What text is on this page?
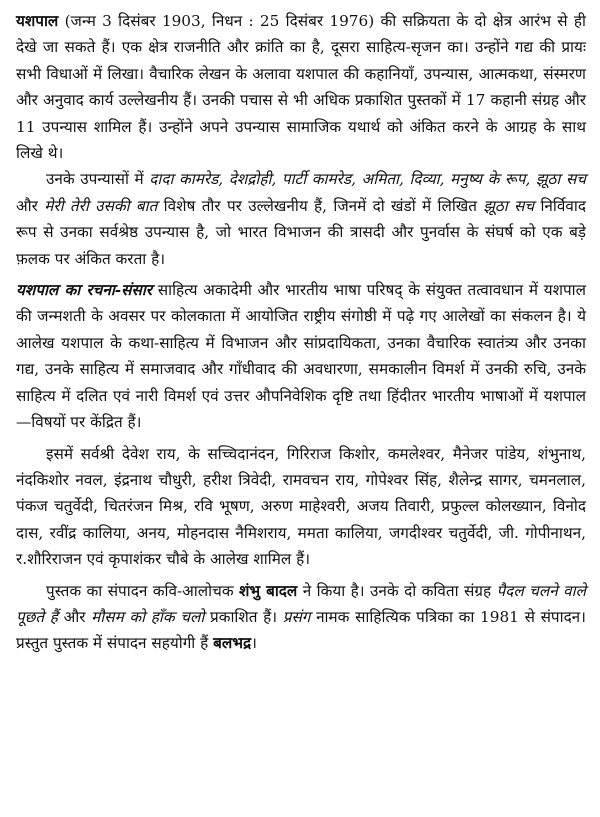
यशपाल (जन्म 3 दिसंबर 1903, निधन : 25 दिसंबर 1976) की सक्रियता के दो क्षेत्र आरंभ से ही देखे जा सकते हैं। एक क्षेत्र राजनीति और क्रांति का है, दूसरा साहित्य-सृजन का। उन्होंने गद्य की प्रायः सभी विधाओं में लिखा। वैचारिक लेखन के अलावा यशपाल की कहानियाँ, उपन्यास, आत्मकथा, संस्मरण और अनुवाद कार्य उल्लेखनीय हैं। उनकी पचास से भी अधिक प्रकाशित पुस्तकों में 17 कहानी संग्रह और 11 उपन्यास शामिल हैं। उन्होंने अपने उपन्यास सामाजिक यथार्थ को अंकित करने के आग्रह के साथ लिखे थे।

उनके उपन्यासों में दादा कामरेड, देशद्रोही, पार्टी कामरेड, अमिता, दिव्या, मनुष्य के रूप, झूठा सच और मेरी तेरी उसकी बात विशेष तौर पर उल्लेखनीय हैं, जिनमें दो खंडों में लिखित झूठा सच निर्विवाद रूप से उनका सर्वश्रेष्ठ उपन्यास है, जो भारत विभाजन की त्रासदी और पुनर्वास के संघर्ष को एक बड़े फ़लक पर अंकित करता है।

यशपाल का रचना-संसार साहित्य अकादेमी और भारतीय भाषा परिषद् के संयुक्त तत्वावधान में यशपाल की जन्मशती के अवसर पर कोलकाता में आयोजित राष्ट्रीय संगोष्ठी में पढ़े गए आलेखों का संकलन है। ये आलेख यशपाल के कथा-साहित्य में विभाजन और सांप्रदायिकता, उनका वैचारिक स्वातंत्र्य और उनका गद्य, उनके साहित्य में समाजवाद और गाँधीवाद की अवधारणा, समकालीन विमर्श में उनकी रुचि, उनके साहित्य में दलित एवं नारी विमर्श एवं उत्तर औपनिवेशिक दृष्टि तथा हिंदीतर भारतीय भाषाओं में यशपाल—विषयों पर केंद्रित हैं।

इसमें सर्वश्री देवेश राय, के सच्चिदानंदन, गिरिराज किशोर, कमलेश्वर, मैनेजर पांडेय, शंभुनाथ, नंदकिशोर नवल, इंद्रनाथ चौधुरी, हरीश त्रिवेदी, रामवचन राय, गोपेश्वर सिंह, शैलेन्द्र सागर, चमनलाल, पंकज चतुर्वेदी, चितरंजन मिश्र, रवि भूषण, अरुण माहेश्वरी, अजय तिवारी, प्रफुल्ल कोलख्यान, विनोद दास, रवींद्र कालिया, अनय, मोहनदास नैमिशराय, ममता कालिया, जगदीश्वर चतुर्वेदी, जी. गोपीनाथन, र.शौरिराजन एवं कृपाशंकर चौबे के आलेख शामिल हैं।

पुस्तक का संपादन कवि-आलोचक शंभु बादल ने किया है। उनके दो कविता संग्रह पैदल चलने वाले पूछते हैं और मौसम को हाँक चलो प्रकाशित हैं। प्रसंग नामक साहित्यिक पत्रिका का 1981 से संपादन। प्रस्तुत पुस्तक में संपादन सहयोगी हैं बलभद्र।
